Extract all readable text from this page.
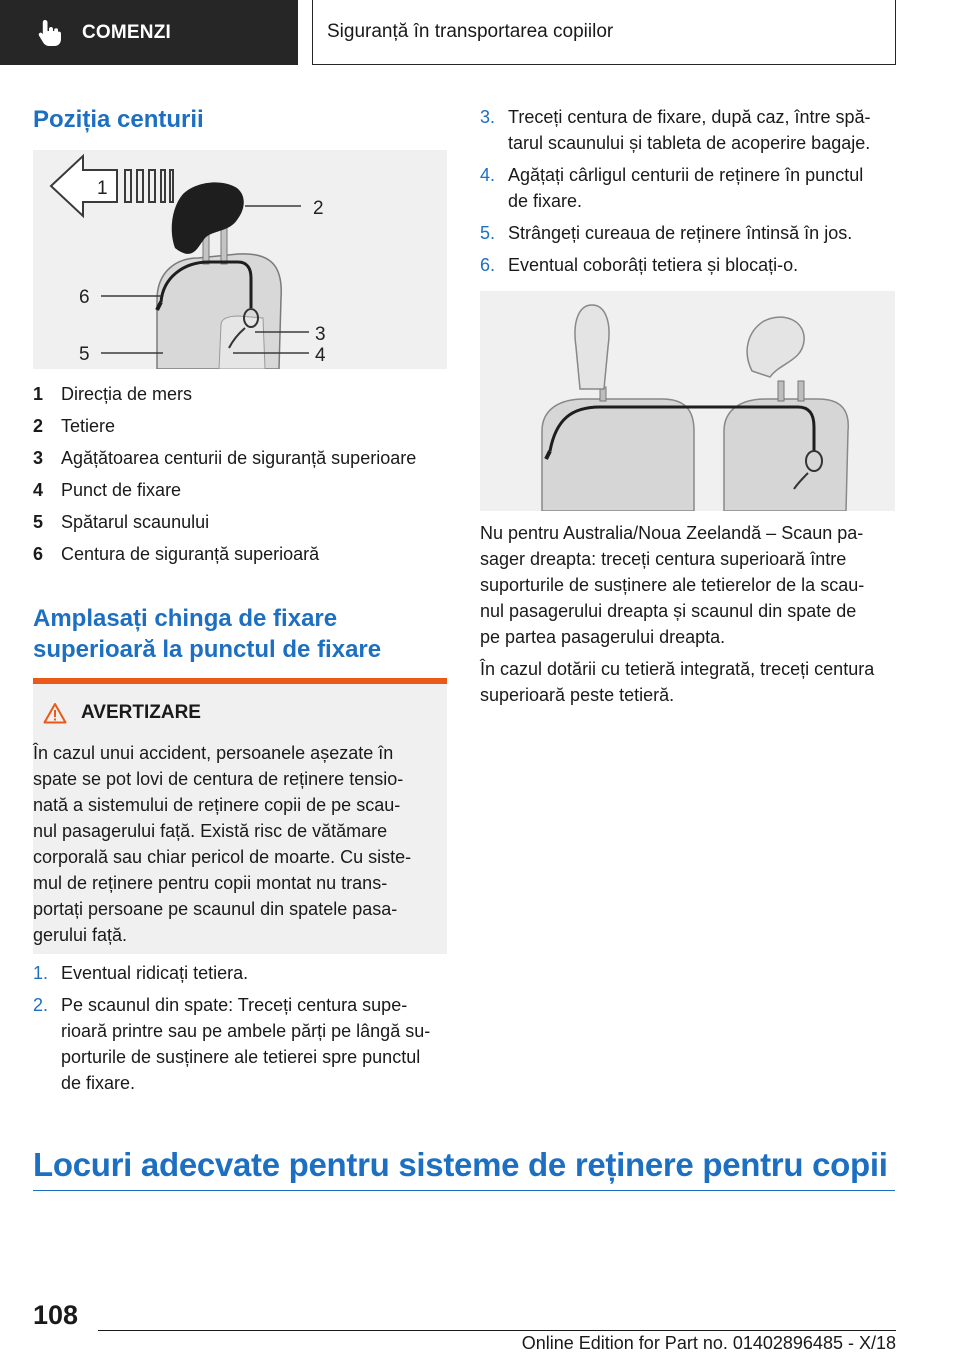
COMENZI	Siguranță în transportarea copiilor
Poziția centurii
1
2
3
4
5
6
1 Direcția de mers
2 Tetiere
3 Agățătoarea centurii de siguranță superioare
4 Punct de fixare
5 Spătarul scaunului
6 Centura de siguranță superioară
Amplasați chinga de fixare
superioară la punctul de fixare
AVERTIZARE
În cazul unui accident, persoanele așezate în
spate se pot lovi de centura de reținere tensio-
nată a sistemului de reținere copii de pe scau-
nul pasagerului față. Există risc de vătămare
corporală sau chiar pericol de moarte. Cu siste-
mul de reținere pentru copii montat nu trans-
portați persoane pe scaunul din spatele pasa-
gerului față.
1. Eventual ridicați tetiera.
2. Pe scaunul din spate: Treceți centura supe-
rioară printre sau pe ambele părți pe lângă su-
porturile de susținere ale tetierei spre punctul
de fixare.
3. Treceți centura de fixare, după caz, între spă-
tarul scaunului și tableta de acoperire bagaje.
4. Agățați cârligul centurii de reținere în punctul
de fixare.
5. Strângeți cureaua de reținere întinsă în jos.
6. Eventual coborâți tetiera și blocați-o.
Nu pentru Australia/Noua Zeelandă – Scaun pa-
sager dreapta: treceți centura superioară între
suporturile de susținere ale tetierelor de la scau-
nul pasagerului dreapta și scaunul din spate de
pe partea pasagerului dreapta.
În cazul dotării cu tetieră integrată, treceți centura
superioară peste tetieră.
Locuri adecvate pentru sisteme de reținere pentru copii
108
Online Edition for Part no. 01402896485 - X/18
